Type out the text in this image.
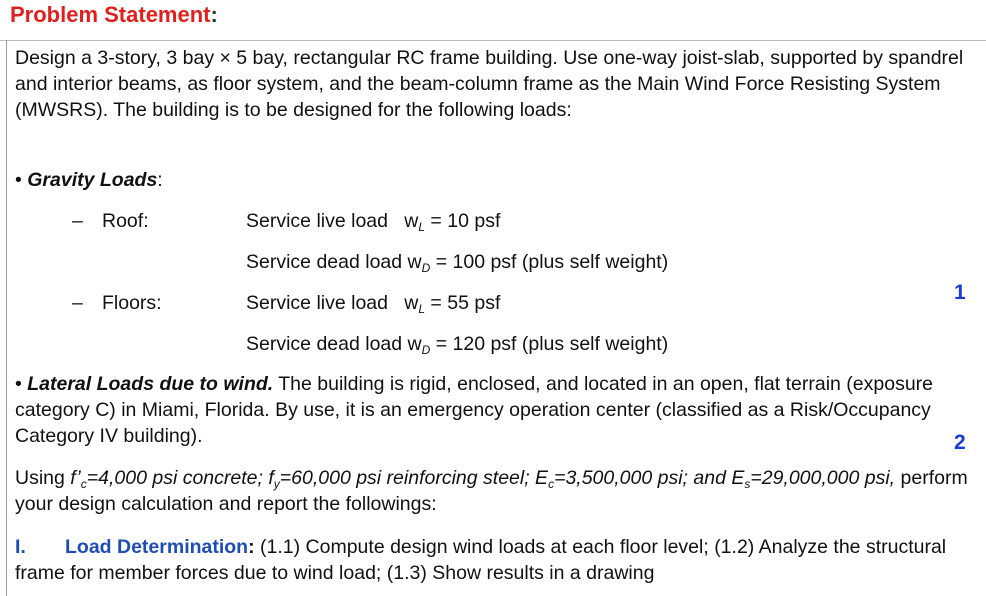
Problem Statement:
Design a 3-story, 3 bay × 5 bay, rectangular RC frame building. Use one-way joist-slab, supported by spandrel and interior beams, as floor system, and the beam-column frame as the Main Wind Force Resisting System (MWSRS). The building is to be designed for the following loads:
• Gravity Loads:
– Roof:	Service live load   $w_L = 10$ psf
Service dead load $w_D = 100$ psf (plus self weight)
– Floors:	Service live load   $w_L = 55$ psf
Service dead load $w_D = 120$ psf (plus self weight)
1
• Lateral Loads due to wind. The building is rigid, enclosed, and located in an open, flat terrain (exposure category C) in Miami, Florida. By use, it is an emergency operation center (classified as a Risk/Occupancy Category IV building).	2
Using $f’_c=4,000$ psi concrete; $f_y=60,000$ psi reinforcing steel; $E_c=3,500,000$ psi; and $E_s=29,000,000$ psi, perform your design calculation and report the followings:
I. Load Determination: (1.1) Compute design wind loads at each floor level; (1.2) Analyze the structural frame for member forces due to wind load; (1.3) Show results in a drawing
